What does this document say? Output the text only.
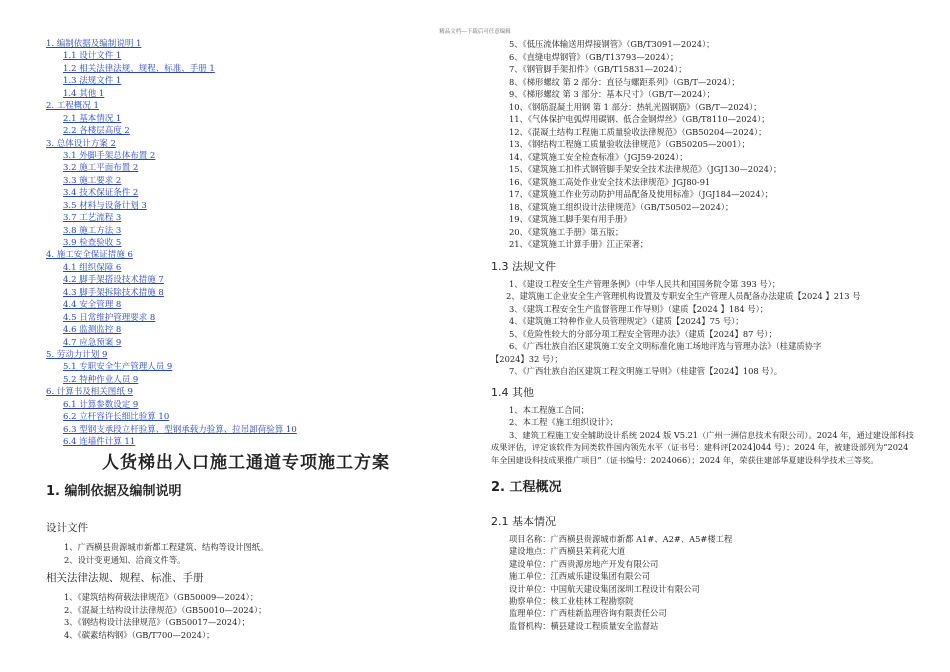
精品文档---下载后可任意编辑
1. 编制依据及编制说明 1
1.1 设计文件 1
1.2 相关法律法规、规程、标准、手册 1
1.3 法规文件 1
1.4 其他 1
2. 工程概况 1
2.1 基本情况 1
2.2 各楼层高度 2
3. 总体设计方案 2
3.1 外脚手架总体布置 2
3.2 施工平面布置 2
3.3 施工要求 2
3.4 技术保证条件 2
3.5 材料与设备计划 3
3.7 工艺流程 3
3.8 施工方法 3
3.9 检查验收 5
4. 施工安全保证措施 6
4.1 组织保障 6
4.2 脚手架搭设技术措施 7
4.3 脚手架拆除技术措施 8
4.4 安全管理 8
4.5 日常维护管理要求 8
4.6 监测监控 8
4.7 应急预案 9
5. 劳动力计划 9
5.1 专职安全生产管理人员 9
5.2 特种作业人员 9
6. 计算书及相关图纸 9
6.1 计算参数设定 9
6.2 立杆容许长细比验算 10
6.3 型钢支承段立杆验算、型钢承载力验算、拉吊卸荷验算 10
6.4 连墙件计算 11
人货梯出入口施工通道专项施工方案
1. 编制依据及编制说明
设计文件
1、广西横县贵源城市新都工程建筑、结构等设计图纸。
2、设计变更通知、洽商文件等。
相关法律法规、规程、标准、手册
1、《建筑结构荷载法律规范》（GB50009—2024）；
2、《混凝土结构设计法律规范》（GB50010—2024）；
3、《钢结构设计法律规范》（GB50017—2024）；
4、《碳素结构钢》（GB/T700—2024）；
5、《低压流体输送用焊接钢管》（GB/T3091—2024）；
6、《直缝电焊钢管》（GB/T13793—2024）；
7、《钢管脚手架扣件》（GB/T15831—2024）；
8、《梯形螺纹 第 2 部分：直径与螺距系列》（GB/T—2024）；
9、《梯形螺纹 第 3 部分：基本尺寸》（GB/T—2024）；
10、《钢筋混凝土用钢 第 1 部分：热轧光圆钢筋》（GB/T—2024）；
11、《气体保护电弧焊用碳钢、低合金钢焊丝》（GB/T8110—2024）；
12、《混凝土结构工程施工质量验收法律规范》（GB50204—2024）；
13、《钢结构工程施工质量验收法律规范》（GB50205—2001）；
14、《建筑施工安全检查标准》（JGJ59-2024）；
15、《建筑施工扣件式钢管脚手架安全技术法律规范》（JGJ130—2024）；
16、《建筑施工高处作业安全技术法律规范》JGJ80-91
17、《建筑施工作业劳动防护用品配备及使用标准》（JGJ184—2024）；
18、《建筑施工组织设计法律规范》（GB/T50502—2024）；
19、《建筑施工脚手架有用手册》
20、《建筑施工手册》第五版；
21、《建筑施工计算手册》江正荣著；
1.3 法规文件
1、《建设工程安全生产管理条例》（中华人民共和国国务院令第 393 号）；
2、建筑施工企业安全生产管理机构设置及专职安全生产管理人员配备办法建质【2024 】213 号
3、《建筑工程安全生产监督管理工作导则》（建质【2024 】184 号）；
4、《建筑施工特种作业人员管理规定》（建质【2024】75 号）；
5、《危险性较大的分部分项工程安全管理办法》（建质【2024】87 号）；
6、《广西壮族自治区建筑施工安全文明标准化施工场地评选与管理办法》（桂建质协字
【2024】32 号）；
7、《广西壮族自治区建筑工程文明施工导则》（桂建管【2024】108 号）。
1.4 其他
1、本工程施工合同；
2、本工程《施工组织设计》；
3、建筑工程施工安全辅助设计系统 2024 版 V5.21（广州一洲信息技术有限公司）。2024 年，通过建设部科技成果评估，评定该软件为同类软件国内领先水平（证书号：建科评[2024]044 号）；2024 年，被建设部列为“2024 年全国建设科技成果推广项目”（证书编号：2024066）；2024 年，荣获住建部华夏建设科学技术三等奖。
2. 工程概况
2.1 基本情况
项目名称：广西横县贵源城市新都 A1#、A2#、A5#楼工程
建设地点：广西横县茉莉花大道
建设单位：广西贵源房地产开发有限公司
施工单位：江西威乐建设集团有限公司
设计单位：中国航天建设集团深圳工程设计有限公司
勘察单位：核工业桂林工程勘察院
监理单位：广西桂新监理咨询有限责任公司
监督机构：横县建设工程质量安全监督站
